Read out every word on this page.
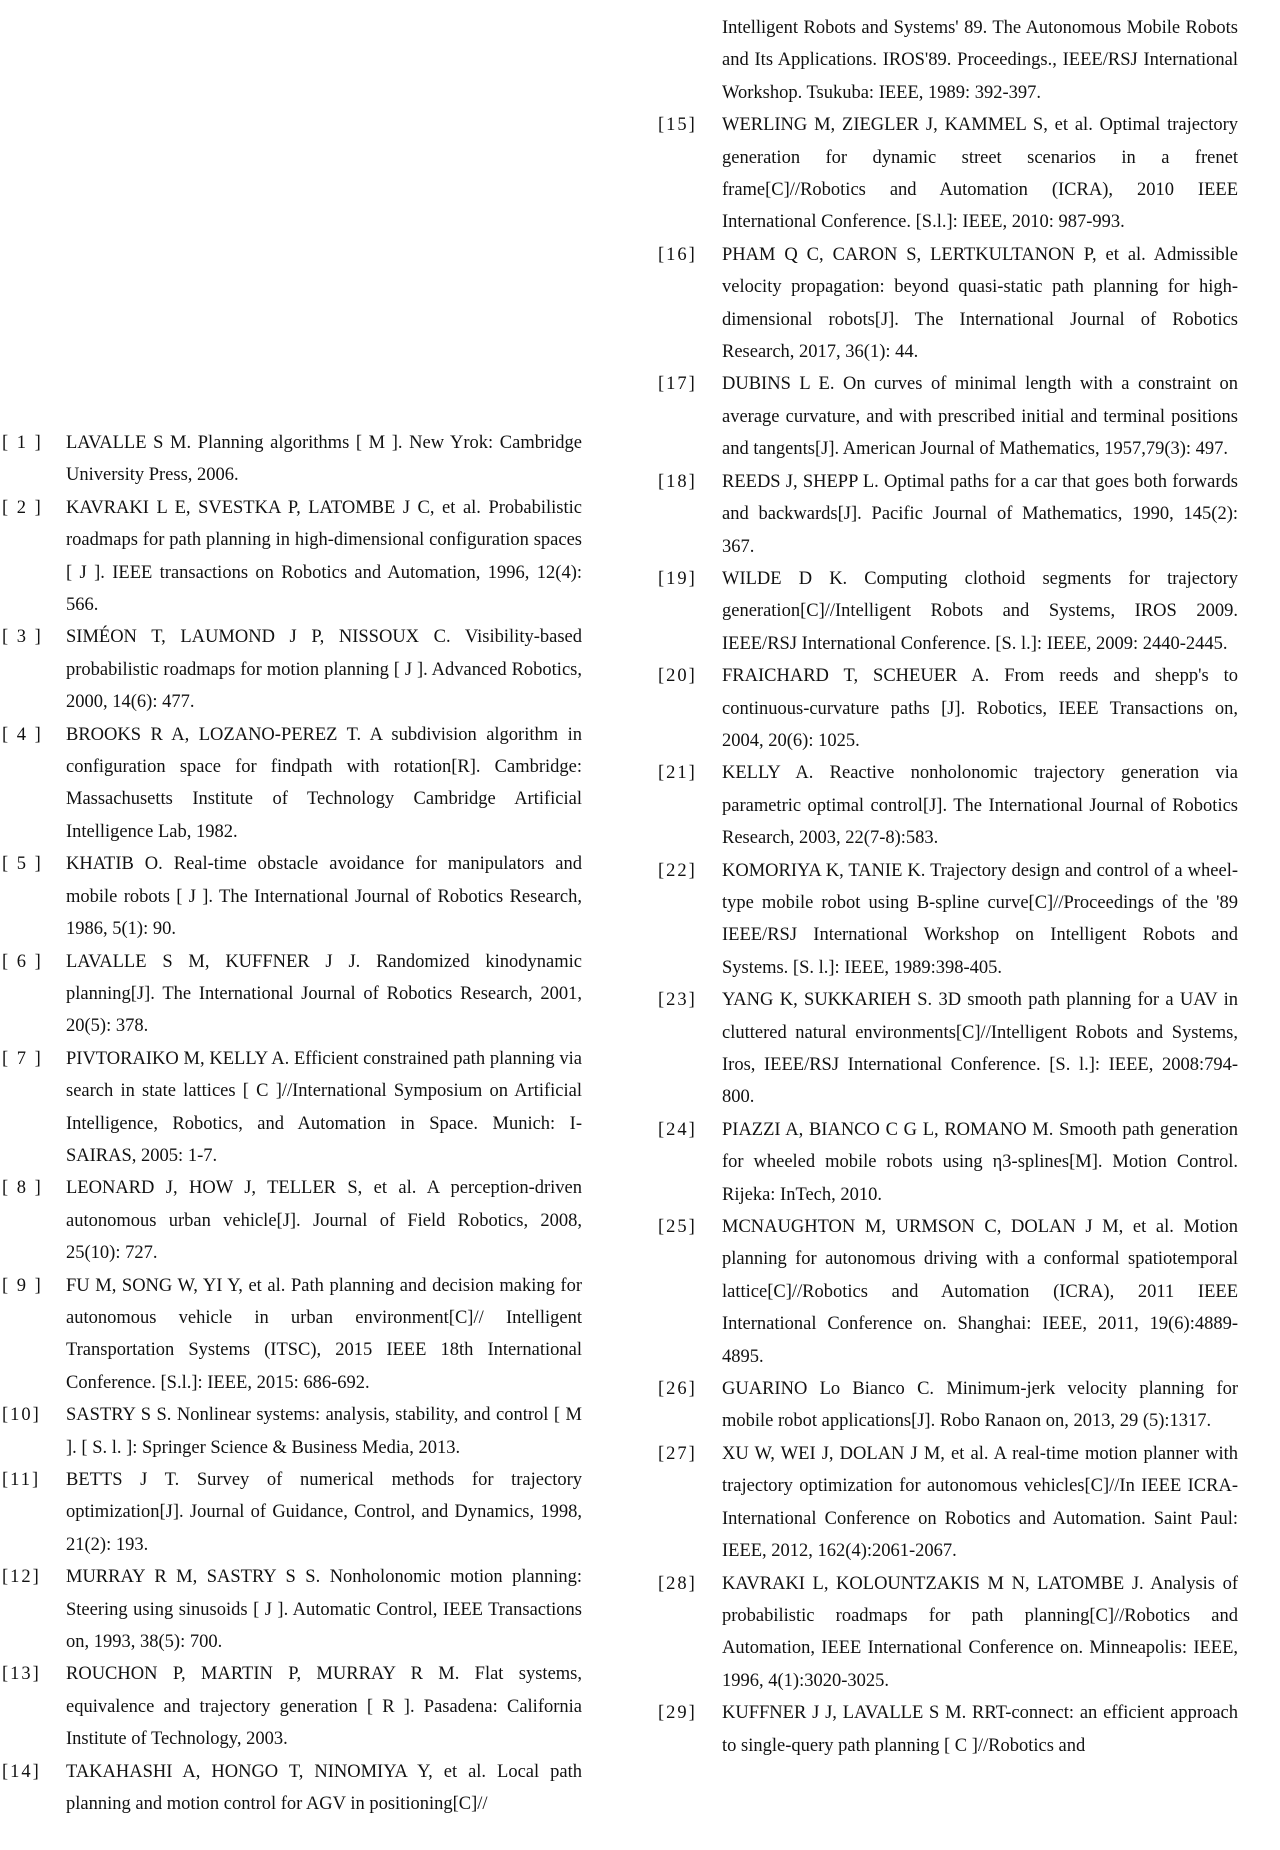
[ 1 ]	LAVALLE S M. Planning algorithms [ M ]. New Yrok: Cambridge University Press, 2006.
[ 2 ]	KAVRAKI L E, SVESTKA P, LATOMBE J C, et al. Probabilistic roadmaps for path planning in high-dimensional configuration spaces [ J ]. IEEE transactions on Robotics and Automation, 1996, 12(4): 566.
[ 3 ]	SIMÉON T, LAUMOND J P, NISSOUX C. Visibility-based probabilistic roadmaps for motion planning [ J ]. Advanced Robotics, 2000, 14(6): 477.
[ 4 ]	BROOKS R A, LOZANO-PEREZ T. A subdivision algorithm in configuration space for findpath with rotation[R]. Cambridge: Massachusetts Institute of Technology Cambridge Artificial Intelligence Lab, 1982.
[ 5 ]	KHATIB O. Real-time obstacle avoidance for manipulators and mobile robots [ J ]. The International Journal of Robotics Research, 1986, 5(1): 90.
[ 6 ]	LAVALLE S M, KUFFNER J J. Randomized kinodynamic planning[J]. The International Journal of Robotics Research, 2001, 20(5): 378.
[ 7 ]	PIVTORAIKO M, KELLY A. Efficient constrained path planning via search in state lattices [ C ]//International Symposium on Artificial Intelligence, Robotics, and Automation in Space. Munich: I-SAIRAS, 2005: 1-7.
[ 8 ]	LEONARD J, HOW J, TELLER S, et al. A perception-driven autonomous urban vehicle[J]. Journal of Field Robotics, 2008, 25(10): 727.
[ 9 ]	FU M, SONG W, YI Y, et al. Path planning and decision making for autonomous vehicle in urban environment[C]// Intelligent Transportation Systems (ITSC), 2015 IEEE 18th International Conference. [S.l.]: IEEE, 2015: 686-692.
[10]	SASTRY S S. Nonlinear systems: analysis, stability, and control [ M ]. [ S. l. ]: Springer Science & Business Media, 2013.
[11]	BETTS J T. Survey of numerical methods for trajectory optimization[J]. Journal of Guidance, Control, and Dynamics, 1998, 21(2): 193.
[12]	MURRAY R M, SASTRY S S. Nonholonomic motion planning: Steering using sinusoids [ J ]. Automatic Control, IEEE Transactions on, 1993, 38(5): 700.
[13]	ROUCHON P, MARTIN P, MURRAY R M. Flat systems, equivalence and trajectory generation [ R ]. Pasadena: California Institute of Technology, 2003.
[14]	TAKAHASHI A, HONGO T, NINOMIYA Y, et al. Local path planning and motion control for AGV in positioning[C]//
Intelligent Robots and Systems' 89. The Autonomous Mobile Robots and Its Applications. IROS'89. Proceedings., IEEE/RSJ International Workshop. Tsukuba: IEEE, 1989: 392-397.
[15]	WERLING M, ZIEGLER J, KAMMEL S, et al. Optimal trajectory generation for dynamic street scenarios in a frenet frame[C]//Robotics and Automation (ICRA), 2010 IEEE International Conference. [S.l.]: IEEE, 2010: 987-993.
[16]	PHAM Q C, CARON S, LERTKULTANON P, et al. Admissible velocity propagation: beyond quasi-static path planning for high-dimensional robots[J]. The International Journal of Robotics Research, 2017, 36(1): 44.
[17]	DUBINS L E. On curves of minimal length with a constraint on average curvature, and with prescribed initial and terminal positions and tangents[J]. American Journal of Mathematics, 1957,79(3): 497.
[18]	REEDS J, SHEPP L. Optimal paths for a car that goes both forwards and backwards[J]. Pacific Journal of Mathematics, 1990, 145(2): 367.
[19]	WILDE D K. Computing clothoid segments for trajectory generation[C]//Intelligent Robots and Systems, IROS 2009. IEEE/RSJ International Conference. [S. l.]: IEEE, 2009: 2440-2445.
[20]	FRAICHARD T, SCHEUER A. From reeds and shepp's to continuous-curvature paths [J]. Robotics, IEEE Transactions on, 2004, 20(6): 1025.
[21]	KELLY A. Reactive nonholonomic trajectory generation via parametric optimal control[J]. The International Journal of Robotics Research, 2003, 22(7-8):583.
[22]	KOMORIYA K, TANIE K. Trajectory design and control of a wheel-type mobile robot using B-spline curve[C]//Proceedings of the '89 IEEE/RSJ International Workshop on Intelligent Robots and Systems. [S. l.]: IEEE, 1989:398-405.
[23]	YANG K, SUKKARIEH S. 3D smooth path planning for a UAV in cluttered natural environments[C]//Intelligent Robots and Systems, Iros, IEEE/RSJ International Conference. [S. l.]: IEEE, 2008:794-800.
[24]	PIAZZI A, BIANCO C G L, ROMANO M. Smooth path generation for wheeled mobile robots using η3-splines[M]. Motion Control. Rijeka: InTech, 2010.
[25]	MCNAUGHTON M, URMSON C, DOLAN J M, et al. Motion planning for autonomous driving with a conformal spatiotemporal lattice[C]//Robotics and Automation (ICRA), 2011 IEEE International Conference on. Shanghai: IEEE, 2011, 19(6):4889-4895.
[26]	GUARINO Lo Bianco C. Minimum-jerk velocity planning for mobile robot applications[J]. Robo Ranaon on, 2013, 29 (5):1317.
[27]	XU W, WEI J, DOLAN J M, et al. A real-time motion planner with trajectory optimization for autonomous vehicles[C]//In IEEE ICRA-International Conference on Robotics and Automation. Saint Paul: IEEE, 2012, 162(4):2061-2067.
[28]	KAVRAKI L, KOLOUNTZAKIS M N, LATOMBE J. Analysis of probabilistic roadmaps for path planning[C]//Robotics and Automation, IEEE International Conference on. Minneapolis: IEEE, 1996, 4(1):3020-3025.
[29]	KUFFNER J J, LAVALLE S M. RRT-connect: an efficient approach to single-query path planning [ C ]//Robotics and
